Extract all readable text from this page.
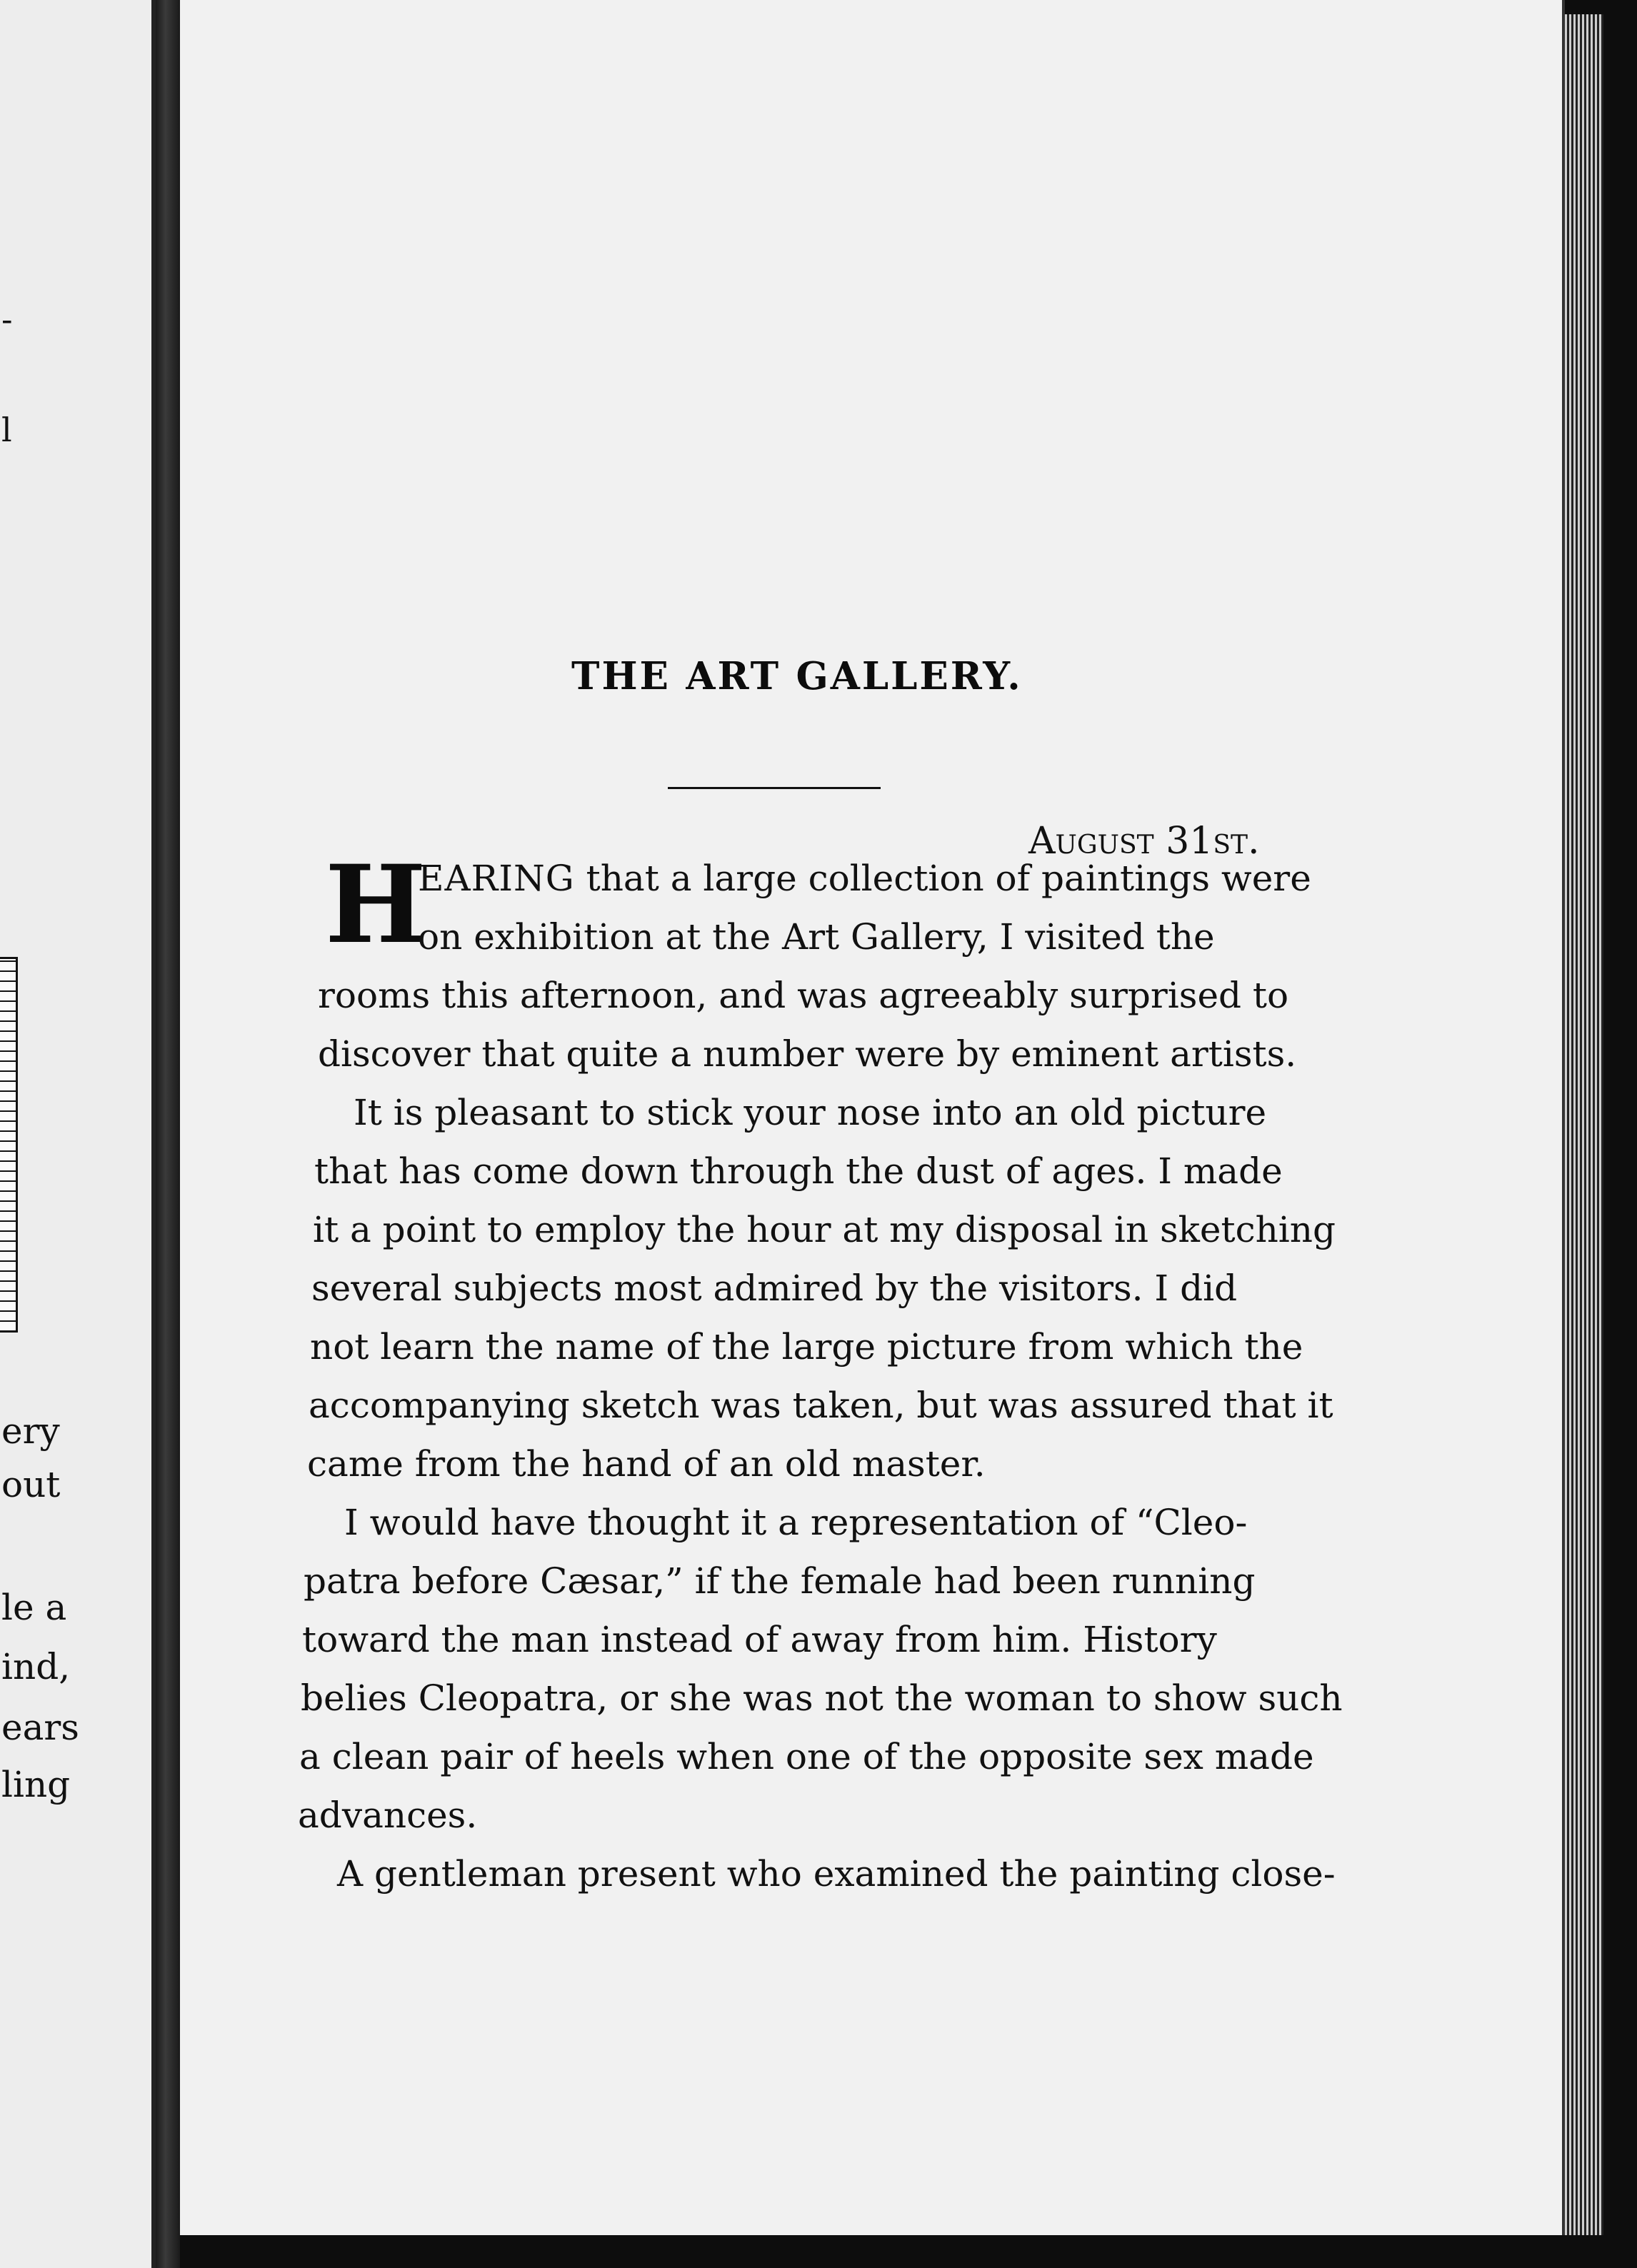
-
l
ery
out
le a
ind,
ears
ling
THE ART GALLERY.
August 31st.
H
EARING that a large collection of paintings were
on exhibition at the Art Gallery, I visited the
rooms this afternoon, and was agreeably surprised to
discover that quite a number were by eminent artists.
It is pleasant to stick your nose into an old picture
that has come down through the dust of ages. I made
it a point to employ the hour at my disposal in sketching
several subjects most admired by the visitors. I did
not learn the name of the large picture from which the
accompanying sketch was taken, but was assured that it
came from the hand of an old master.
I would have thought it a representation of “Cleo-
patra before Cæsar,” if the female had been running
toward the man instead of away from him. History
belies Cleopatra, or she was not the woman to show such
a clean pair of heels when one of the opposite sex made
advances.
A gentleman present who examined the painting close-
